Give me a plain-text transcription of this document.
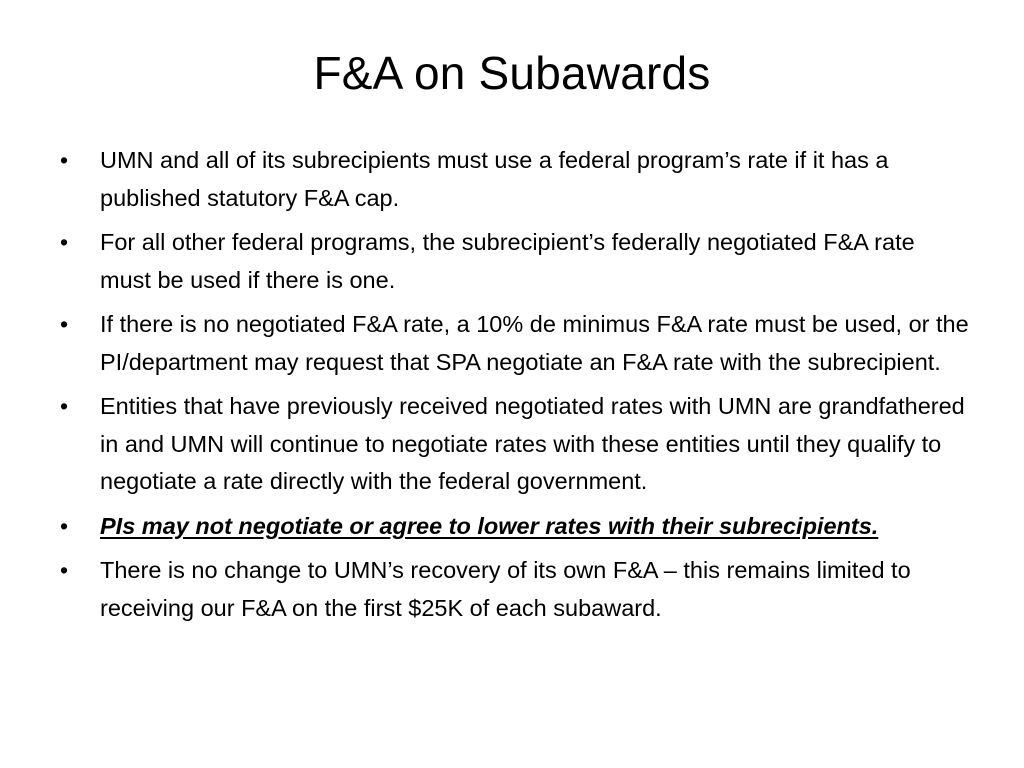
F&A on Subawards
•	UMN and all of its subrecipients must use a federal program’s rate if it has a published statutory F&A cap.
•	For all other federal programs, the subrecipient’s federally negotiated F&A rate must be used if there is one.
•	If there is no negotiated F&A rate, a 10% de minimus F&A rate must be used, or the PI/department may request that SPA negotiate an F&A rate with the subrecipient.
•	Entities that have previously received negotiated rates with UMN are grandfathered in and UMN will continue to negotiate rates with these entities until they qualify to negotiate a rate directly with the federal government.
•	PIs may not negotiate or agree to lower rates with their subrecipients.
•	There is no change to UMN’s recovery of its own F&A – this remains limited to receiving our F&A on the first $25K of each subaward.
